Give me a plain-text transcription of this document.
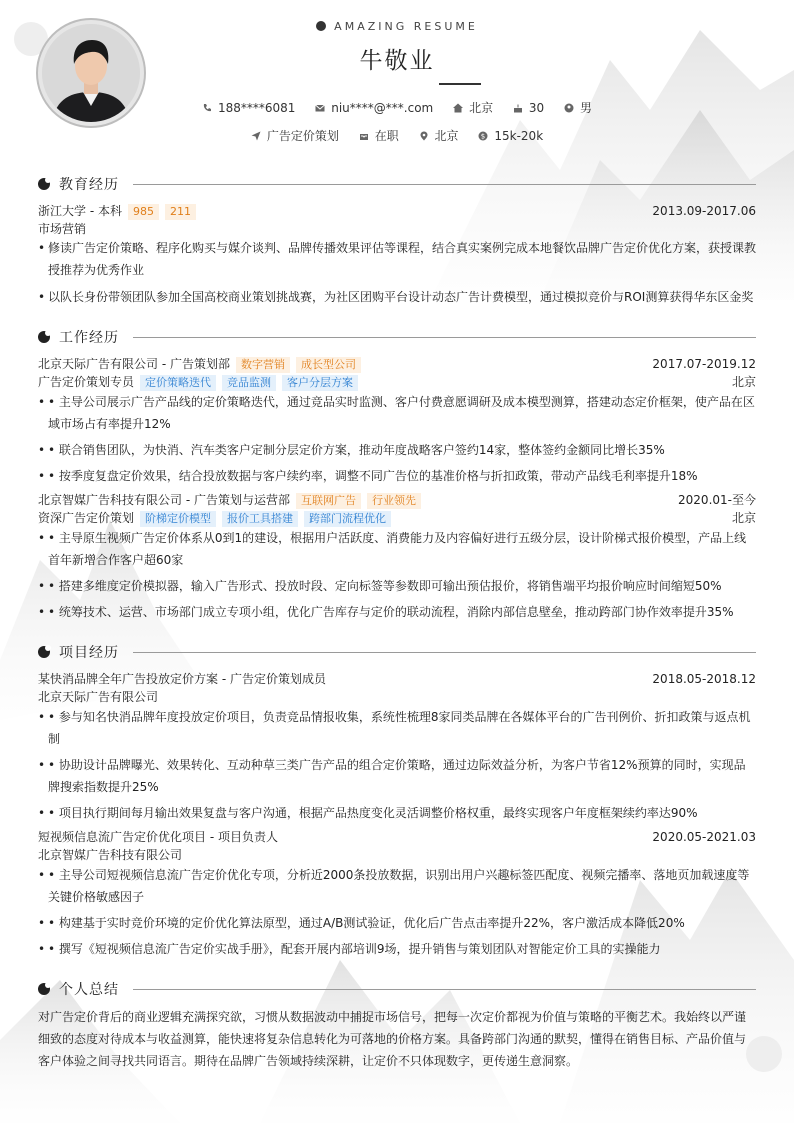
AMAZING RESUME
牛敬业
188****6081	niu****@***.com	北京	30	男
广告定价策划	在职	北京	$ 15k-20k
教育经历
浙江大学 - 本科 985 211	2013.09-2017.06
市场营销
• 修读广告定价策略、程序化购买与媒介谈判、品牌传播效果评估等课程，结合真实案例完成本地餐饮品牌广告定价优化方案，获授课教授推荐为优秀作业
• 以队长身份带领团队参加全国高校商业策划挑战赛，为社区团购平台设计动态广告计费模型，通过模拟竞价与ROI测算获得华东区金奖
工作经历
北京天际广告有限公司 - 广告策划部 数字营销 成长型公司	2017.07-2019.12
广告定价策划专员 定价策略迭代 竞品监测 客户分层方案	北京
• • 主导公司展示广告产品线的定价策略迭代，通过竞品实时监测、客户付费意愿调研及成本模型测算，搭建动态定价框架，使产品在区域市场占有率提升12%
• • 联合销售团队，为快消、汽车类客户定制分层定价方案，推动年度战略客户签约14家，整体签约金额同比增长35%
• • 按季度复盘定价效果，结合投放数据与客户续约率，调整不同广告位的基准价格与折扣政策，带动产品线毛利率提升18%
北京智媒广告科技有限公司 - 广告策划与运营部 互联网广告 行业领先	2020.01-至今
资深广告定价策划 阶梯定价模型 报价工具搭建 跨部门流程优化	北京
• • 主导原生视频广告定价体系从0到1的建设，根据用户活跃度、消费能力及内容偏好进行五级分层，设计阶梯式报价模型，产品上线首年新增合作客户超60家
• • 搭建多维度定价模拟器，输入广告形式、投放时段、定向标签等参数即可输出预估报价，将销售端平均报价响应时间缩短50%
• • 统筹技术、运营、市场部门成立专项小组，优化广告库存与定价的联动流程，消除内部信息壁垒，推动跨部门协作效率提升35%
项目经历
某快消品牌全年广告投放定价方案 - 广告定价策划成员	2018.05-2018.12
北京天际广告有限公司
• • 参与知名快消品牌年度投放定价项目，负责竞品情报收集，系统性梳理8家同类品牌在各媒体平台的广告刊例价、折扣政策与返点机制
• • 协助设计品牌曝光、效果转化、互动种草三类广告产品的组合定价策略，通过边际效益分析，为客户节省12%预算的同时，实现品牌搜索指数提升25%
• • 项目执行期间每月输出效果复盘与客户沟通，根据产品热度变化灵活调整价格权重，最终实现客户年度框架续约率达90%
短视频信息流广告定价优化项目 - 项目负责人	2020.05-2021.03
北京智媒广告科技有限公司
• • 主导公司短视频信息流广告定价优化专项，分析近2000条投放数据，识别出用户兴趣标签匹配度、视频完播率、落地页加载速度等关键价格敏感因子
• • 构建基于实时竞价环境的定价优化算法原型，通过A/B测试验证，优化后广告点击率提升22%，客户激活成本降低20%
• • 撰写《短视频信息流广告定价实战手册》，配套开展内部培训9场，提升销售与策划团队对智能定价工具的实操能力
个人总结
对广告定价背后的商业逻辑充满探究欲，习惯从数据波动中捕捉市场信号，把每一次定价都视为价值与策略的平衡艺术。我始终以严谨细致的态度对待成本与收益测算，能快速将复杂信息转化为可落地的价格方案。具备跨部门沟通的默契，懂得在销售目标、产品价值与客户体验之间寻找共同语言。期待在品牌广告领域持续深耕，让定价不只体现数字，更传递生意洞察。
